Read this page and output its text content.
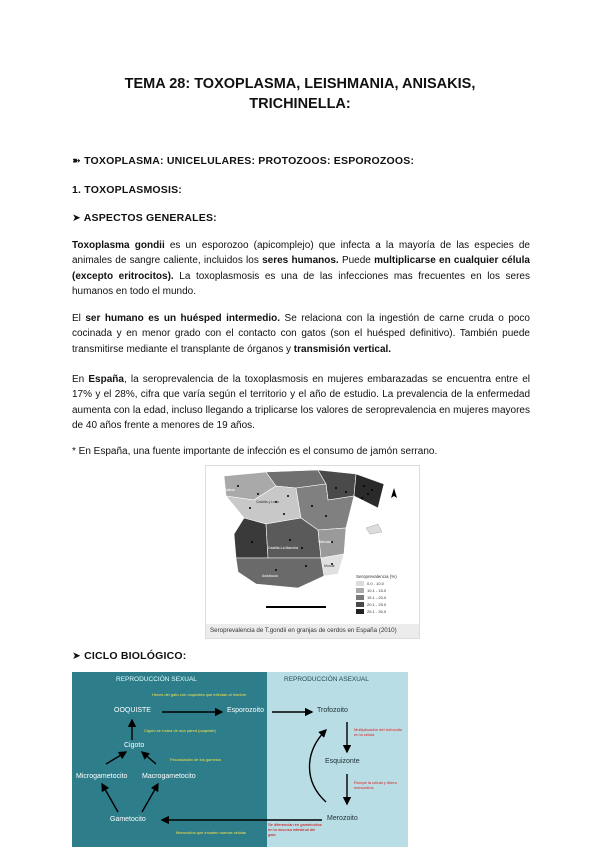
TEMA 28: TOXOPLASMA, LEISHMANIA, ANISAKIS,
TRICHINELLA:
➽ TOXOPLASMA: UNICELULARES: PROTOZOOS: ESPOROZOOS:
1. TOXOPLASMOSIS:
➤ ASPECTOS GENERALES:
Toxoplasma gondii es un esporozoo (apicomplejo) que infecta a la mayoría de las especies de animales de sangre caliente, incluidos los seres humanos. Puede multiplicarse en cualquier célula (excepto eritrocitos). La toxoplasmosis es una de las infecciones mas frecuentes en los seres humanos en todo el mundo.
El ser humano es un huésped intermedio. Se relaciona con la ingestión de carne cruda o poco cocinada y en menor grado con el contacto con gatos (son el huésped definitivo). También puede transmitirse mediante el transplante de órganos y transmisión vertical.
En España, la seroprevalencia de la toxoplasmosis en mujeres embarazadas se encuentra entre el 17% y el 28%, cifra que varía según el territorio y el año de estudio. La prevalencia de la enfermedad aumenta con la edad, incluso llegando a triplicarse los valores de seroprevalencia en mujeres mayores de 40 años frente a menores de 19 años.
* En España, una fuente importante de infección es el consumo de jamón serrano.
Seroprevalencia (%)
0.0 - 10.0
10.1 - 15.0
15.1 - 20.0
20.1 - 25.0
25.1 - 30.0
Galicia
Castilla y León
Castilla-La Mancha
Valencia
Murcia
Andalucía
Seroprevalencia de T.gondii en granjas de cerdos en España (2010)
➤ CICLO BIOLÓGICO:
REPRODUCCIÓN SEXUAL	REPRODUCCIÓN ASEXUAL
OOQUISTE	Esporozoito	Trofozoito
Cigoto
Microgametocito Macrogametocito
Esquizonte
Gametocito	Merozoito
Heces del gato con ooquistes que infectan al hombre
Cigoto se rodea de una pared (ooquiste)
Fecundación de los gametos
Multiplicación del trofozoito en la célula
Rompe la célula y libera merozoitos
Merozoitos que invaden nuevas células
Se diferencian en gametocitos en la mucosa intestinal del gato
